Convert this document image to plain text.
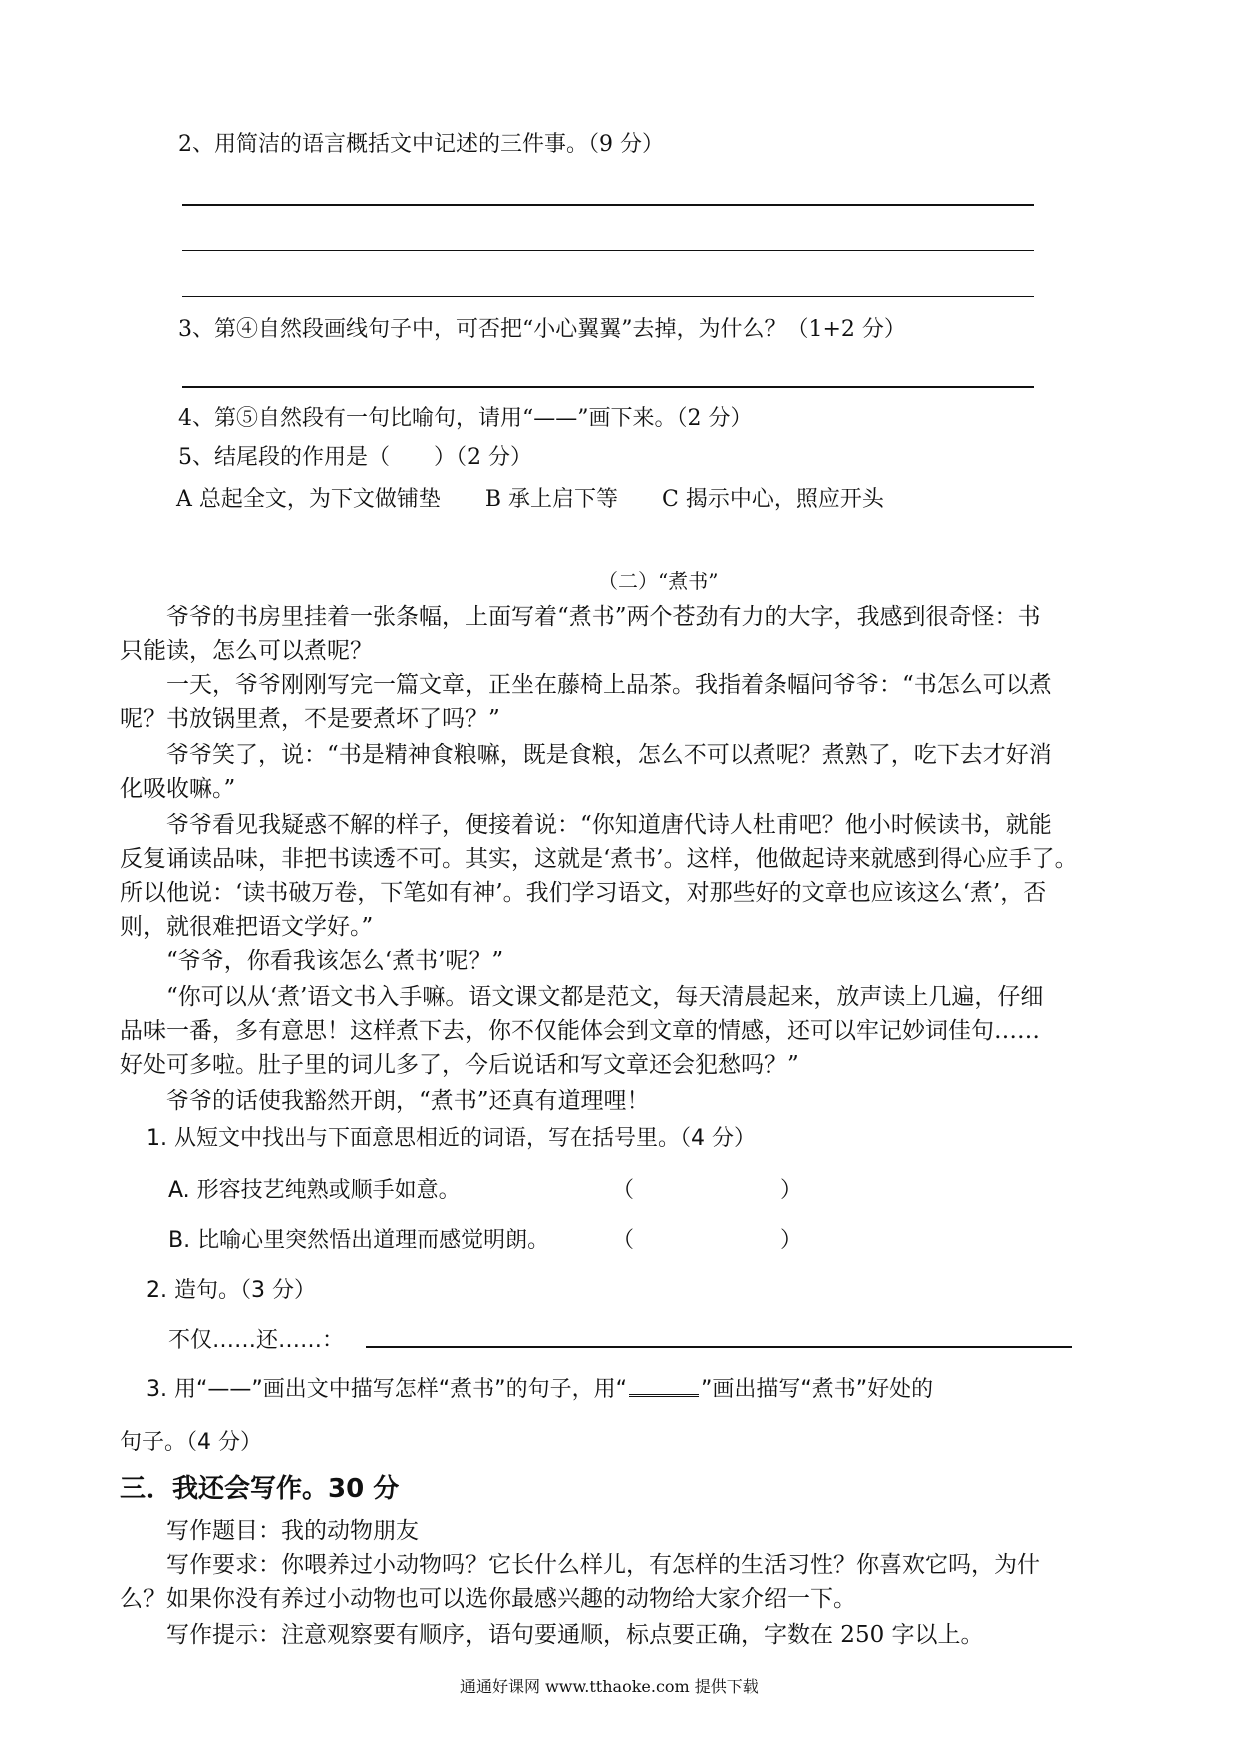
2、用简洁的语言概括文中记述的三件事。（9 分）
3、第④自然段画线句子中，可否把“小心翼翼”去掉，为什么？（1+2 分）
4、第⑤自然段有一句比喻句，请用“——”画下来。（2 分）
5、结尾段的作用是（　　）（2 分）
A 总起全文，为下文做铺垫　　B 承上启下等　　C 揭示中心，照应开头
（二）“煮书”
爷爷的书房里挂着一张条幅，上面写着“煮书”两个苍劲有力的大字，我感到很奇怪：书
只能读，怎么可以煮呢？
一天，爷爷刚刚写完一篇文章，正坐在藤椅上品茶。我指着条幅问爷爷：“书怎么可以煮
呢？书放锅里煮，不是要煮坏了吗？”
爷爷笑了，说：“书是精神食粮嘛，既是食粮，怎么不可以煮呢？煮熟了，吃下去才好消
化吸收嘛。”
爷爷看见我疑惑不解的样子，便接着说：“你知道唐代诗人杜甫吧？他小时候读书，就能
反复诵读品味，非把书读透不可。其实，这就是‘煮书’。这样，他做起诗来就感到得心应手了。
所以他说：‘读书破万卷，下笔如有神’。我们学习语文，对那些好的文章也应该这么‘煮’，否
则，就很难把语文学好。”
“爷爷，你看我该怎么‘煮书’呢？”
“你可以从‘煮’语文书入手嘛。语文课文都是范文，每天清晨起来，放声读上几遍，仔细
品味一番，多有意思！这样煮下去，你不仅能体会到文章的情感，还可以牢记妙词佳句……
好处可多啦。肚子里的词儿多了，今后说话和写文章还会犯愁吗？”
爷爷的话使我豁然开朗，“煮书”还真有道理哩！
1. 从短文中找出与下面意思相近的词语，写在括号里。（4 分）
A. 形容技艺纯熟或顺手如意。	（	）
B. 比喻心里突然悟出道理而感觉明朗。	（	）
2. 造句。（3 分）
不仅……还……：
3. 用“——”画出文中描写怎样“煮书”的句子，用“	”画出描写“煮书”好处的
句子。（4 分）
三．我还会写作。30 分
写作题目：我的动物朋友
写作要求：你喂养过小动物吗？它长什么样儿，有怎样的生活习性？你喜欢它吗，为什
么？如果你没有养过小动物也可以选你最感兴趣的动物给大家介绍一下。
写作提示：注意观察要有顺序，语句要通顺，标点要正确，字数在 250 字以上。
通通好课网 www.tthaoke.com 提供下载
